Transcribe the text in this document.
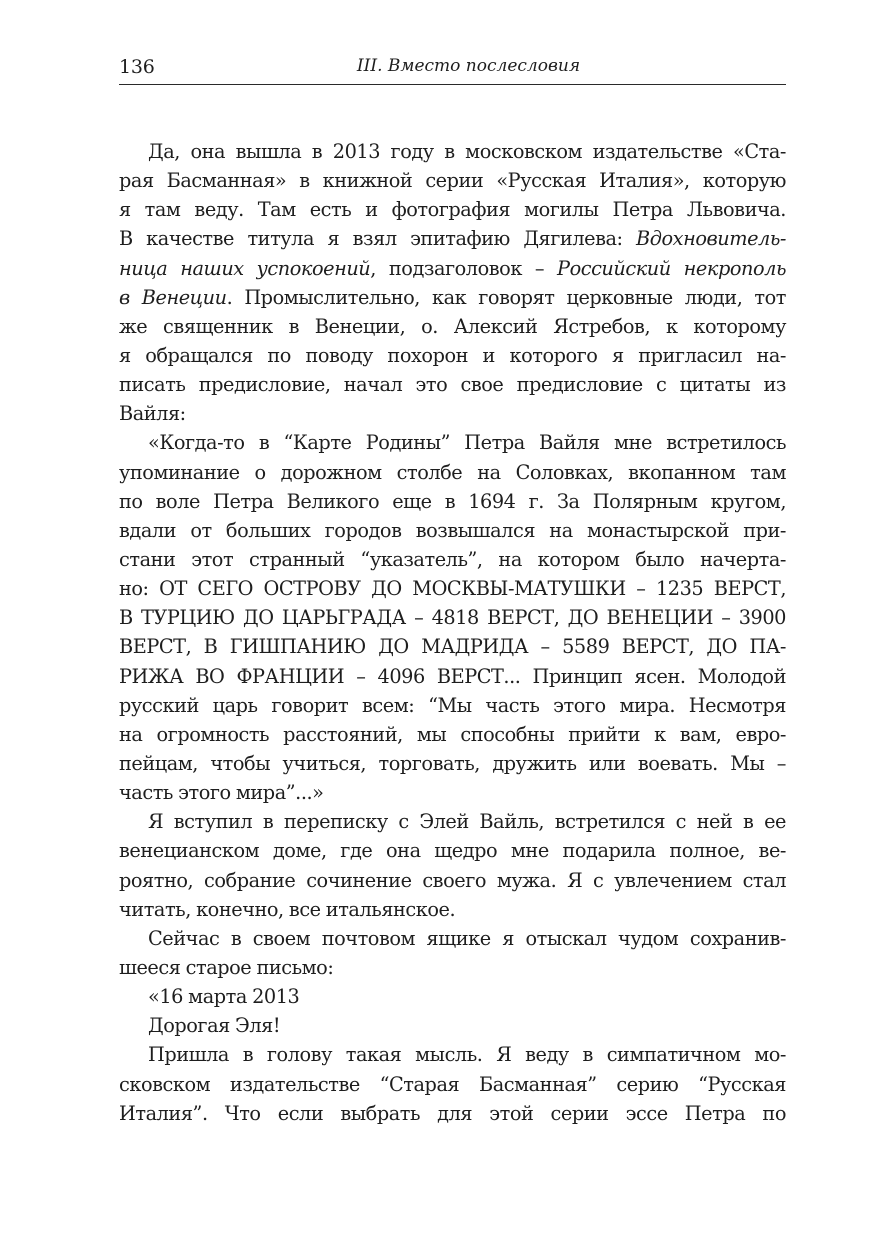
136	III. Вместо послесловия
Да, она вышла в 2013 году в московском издательстве «Ста-
рая Басманная» в книжной серии «Русская Италия», которую
я там веду. Там есть и фотография могилы Петра Львовича.
В качестве титула я взял эпитафию Дягилева: Вдохновитель-
ница наших успокоений, подзаголовок – Российский некрополь
в Венеции. Промыслительно, как говорят церковные люди, тот
же священник в Венеции, о. Алексий Ястребов, к которому
я обращался по поводу похорон и которого я пригласил на-
писать предисловие, начал это свое предисловие с цитаты из
Вайля:
«Когда-то в “Карте Родины” Петра Вайля мне встретилось
упоминание о дорожном столбе на Соловках, вкопанном там
по воле Петра Великого еще в 1694 г. За Полярным кругом,
вдали от больших городов возвышался на монастырской при-
стани этот странный “указатель”, на котором было начерта-
но: ОТ СЕГО ОСТРОВУ ДО МОСКВЫ-МАТУШКИ – 1235 ВЕРСТ,
В ТУРЦИЮ ДО ЦАРЬГРАДА – 4818 ВЕРСТ, ДО ВЕНЕЦИИ – 3900
ВЕРСТ, В ГИШПАНИЮ ДО МАДРИДА – 5589 ВЕРСТ, ДО ПА-
РИЖА ВО ФРАНЦИИ – 4096 ВЕРСТ... Принцип ясен. Молодой
русский царь говорит всем: “Мы часть этого мира. Несмотря
на огромность расстояний, мы способны прийти к вам, евро-
пейцам, чтобы учиться, торговать, дружить или воевать. Мы –
часть этого мира”...»
Я вступил в переписку с Элей Вайль, встретился с ней в ее
венецианском доме, где она щедро мне подарила полное, ве-
роятно, собрание сочинение своего мужа. Я с увлечением стал
читать, конечно, все итальянское.
Сейчас в своем почтовом ящике я отыскал чудом сохранив-
шееся старое письмо:
«16 марта 2013
Дорогая Эля!
Пришла в голову такая мысль. Я веду в симпатичном мо-
сковском издательстве “Старая Басманная” серию “Русская
Италия”. Что если выбрать для этой серии эссе Петра по
